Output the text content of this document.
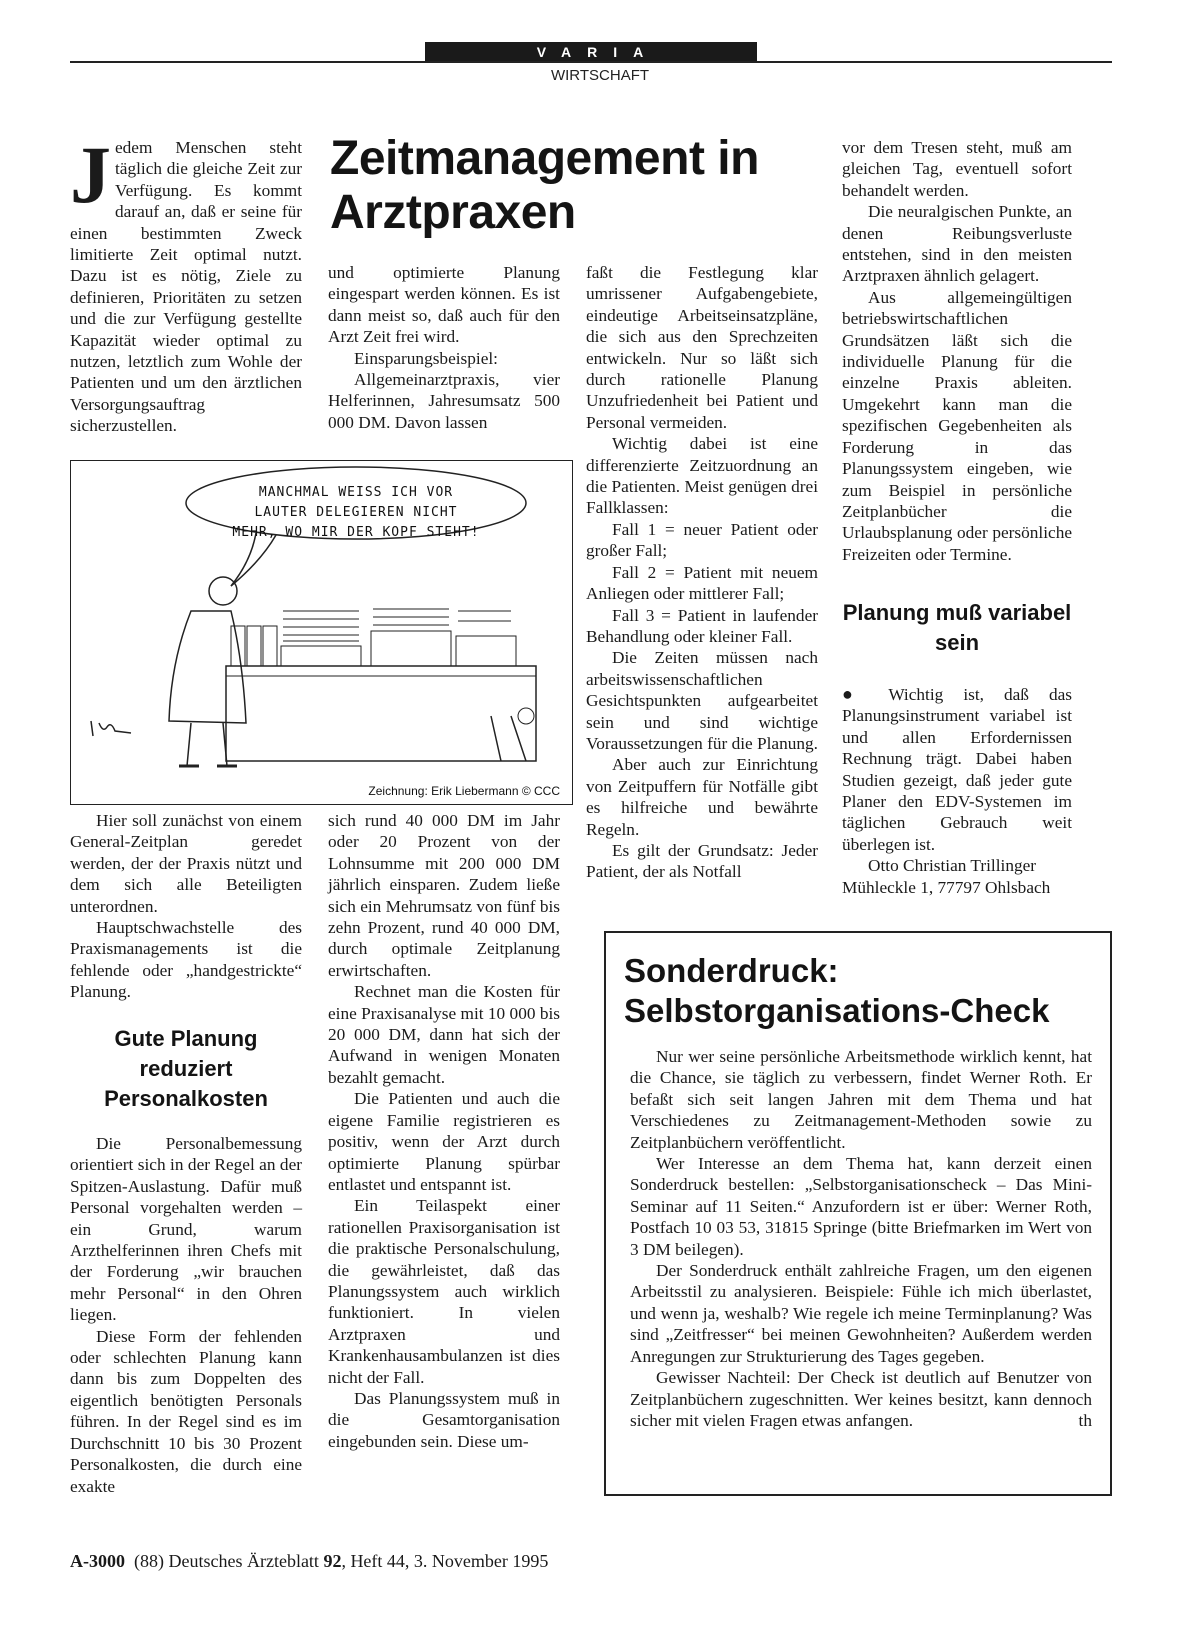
VARIA
WIRTSCHAFT

Jedem Menschen steht täglich die gleiche Zeit zur Verfügung. Es kommt darauf an, daß er seine für einen bestimmten Zweck limitierte Zeit optimal nutzt. Dazu ist es nötig, Ziele zu definieren, Prioritäten zu setzen und die zur Verfügung gestellte Kapazität wieder optimal zu nutzen, letztlich zum Wohle der Patienten und um den ärztlichen Versorgungsauftrag sicherzustellen.

Zeitmanagement in Arztpraxen

und optimierte Planung eingespart werden können. Es ist dann meist so, daß auch für den Arzt Zeit frei wird.

Einsparungsbeispiel:

Allgemeinarztpraxis, vier Helferinnen, Jahresumsatz 500 000 DM. Davon lassen

MANCHMAL WEISS ICH VOR
LAUTER DELEGIEREN NICHT
MEHR, WO MIR DER KOPF STEHT!
Zeichnung: Erik Liebermann © CCC

Hier soll zunächst von einem General-Zeitplan geredet werden, der der Praxis nützt und dem sich alle Beteiligten unterordnen.

Hauptschwachstelle des Praxismanagements ist die fehlende oder „handgestrickte“ Planung.

Gute Planung reduziert Personalkosten

Die Personalbemessung orientiert sich in der Regel an der Spitzen-Auslastung. Dafür muß Personal vorgehalten werden – ein Grund, warum Arzthelferinnen ihren Chefs mit der Forderung „wir brauchen mehr Personal“ in den Ohren liegen.

Diese Form der fehlenden oder schlechten Planung kann dann bis zum Doppelten des eigentlich benötigten Personals führen. In der Regel sind es im Durchschnitt 10 bis 30 Prozent Personalkosten, die durch eine exakte

sich rund 40 000 DM im Jahr oder 20 Prozent von der Lohnsumme mit 200 000 DM jährlich einsparen. Zudem ließe sich ein Mehrumsatz von fünf bis zehn Prozent, rund 40 000 DM, durch optimale Zeitplanung erwirtschaften.

Rechnet man die Kosten für eine Praxisanalyse mit 10 000 bis 20 000 DM, dann hat sich der Aufwand in wenigen Monaten bezahlt gemacht.

Die Patienten und auch die eigene Familie registrieren es positiv, wenn der Arzt durch optimierte Planung spürbar entlastet und entspannt ist.

Ein Teilaspekt einer rationellen Praxisorganisation ist die praktische Personalschulung, die gewährleistet, daß das Planungssystem auch wirklich funktioniert. In vielen Arztpraxen und Krankenhausambulanzen ist dies nicht der Fall.

Das Planungssystem muß in die Gesamtorganisation eingebunden sein. Diese um-

faßt die Festlegung klar umrissener Aufgabengebiete, eindeutige Arbeitseinsatzpläne, die sich aus den Sprechzeiten entwickeln. Nur so läßt sich durch rationelle Planung Unzufriedenheit bei Patient und Personal vermeiden.

Wichtig dabei ist eine differenzierte Zeitzuordnung an die Patienten. Meist genügen drei Fallklassen:

Fall 1 = neuer Patient oder großer Fall;

Fall 2 = Patient mit neuem Anliegen oder mittlerer Fall;

Fall 3 = Patient in laufender Behandlung oder kleiner Fall.

Die Zeiten müssen nach arbeitswissenschaftlichen Gesichtspunkten aufgearbeitet sein und sind wichtige Voraussetzungen für die Planung.

Aber auch zur Einrichtung von Zeitpuffern für Notfälle gibt es hilfreiche und bewährte Regeln.

Es gilt der Grundsatz: Jeder Patient, der als Notfall

vor dem Tresen steht, muß am gleichen Tag, eventuell sofort behandelt werden.

Die neuralgischen Punkte, an denen Reibungsverluste entstehen, sind in den meisten Arztpraxen ähnlich gelagert.

Aus allgemeingültigen betriebswirtschaftlichen Grundsätzen läßt sich die individuelle Planung für die einzelne Praxis ableiten. Umgekehrt kann man die spezifischen Gegebenheiten als Forderung in das Planungssystem eingeben, wie zum Beispiel in persönliche Zeitplanbücher die Urlaubsplanung oder persönliche Freizeiten oder Termine.

Planung muß variabel sein

● Wichtig ist, daß das Planungsinstrument variabel ist und allen Erfordernissen Rechnung trägt. Dabei haben Studien gezeigt, daß jeder gute Planer den EDV-Systemen im täglichen Gebrauch weit überlegen ist.

Otto Christian Trillinger

Mühleckle 1, 77797 Ohlsbach

Sonderdruck: Selbstorganisations-Check

Nur wer seine persönliche Arbeitsmethode wirklich kennt, hat die Chance, sie täglich zu verbessern, findet Werner Roth. Er befaßt sich seit langen Jahren mit dem Thema und hat Verschiedenes zu Zeitmanagement-Methoden sowie zu Zeitplanbüchern veröffentlicht.

Wer Interesse an dem Thema hat, kann derzeit einen Sonderdruck bestellen: „Selbstorganisationscheck – Das Mini-Seminar auf 11 Seiten.“ Anzufordern ist er über: Werner Roth, Postfach 10 03 53, 31815 Springe (bitte Briefmarken im Wert von 3 DM beilegen).

Der Sonderdruck enthält zahlreiche Fragen, um den eigenen Arbeitsstil zu analysieren. Beispiele: Fühle ich mich überlastet, und wenn ja, weshalb? Wie regele ich meine Terminplanung? Was sind „Zeitfresser“ bei meinen Gewohnheiten? Außerdem werden Anregungen zur Strukturierung des Tages gegeben.

Gewisser Nachteil: Der Check ist deutlich auf Benutzer von Zeitplanbüchern zugeschnitten. Wer keines besitzt, kann dennoch sicher mit vielen Fragen etwas anfangen.	th
A-3000 (88) Deutsches Ärzteblatt 92, Heft 44, 3. November 1995
